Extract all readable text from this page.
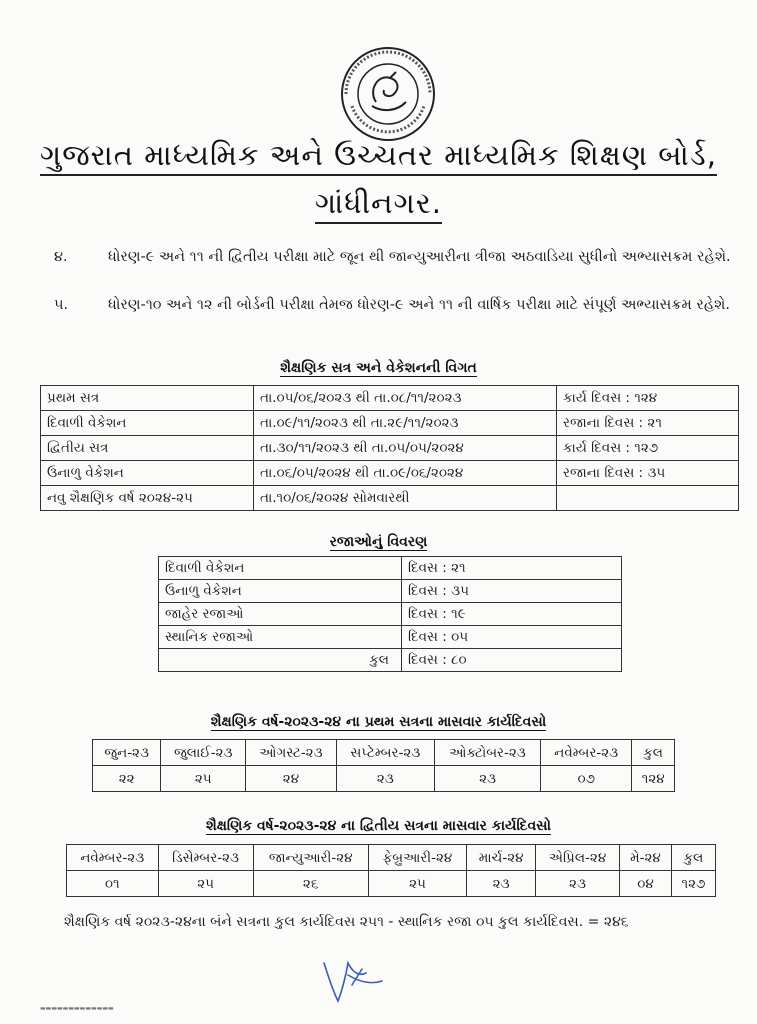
ગુજરાત માધ્યમિક અને ઉચ્ચતર માધ્યમિક શિક્ષણ બોર્ડ,
ગાંધીનગર.
૪.	ધોરણ-૯ અને ૧૧ ની દ્વિતીય પરીક્ષા માટે જૂન થી જાન્યુઆરીના ત્રીજા અઠવાડિયા સુધીનો અભ્યાસક્રમ રહેશે.
૫.	ધોરણ-૧૦ અને ૧૨ ની બોર્ડની પરીક્ષા તેમજ ધોરણ-૯ અને ૧૧ ની વાર્ષિક પરીક્ષા માટે સંપૂર્ણ અભ્યાસક્રમ રહેશે.
શૈક્ષણિક સત્ર અને વેકેશનની વિગત
પ્રથમ સત્ર	તા.૦૫/૦૬/૨૦૨૩ થી તા.૦૮/૧૧/૨૦૨૩	કાર્ય દિવસ : ૧૨૪
દિવાળી વેકેશન	તા.૦૯/૧૧/૨૦૨૩ થી તા.૨૯/૧૧/૨૦૨૩	રજાના દિવસ : ૨૧
દ્વિતીય સત્ર	તા.૩૦/૧૧/૨૦૨૩ થી તા.૦૫/૦૫/૨૦૨૪	કાર્ય દિવસ : ૧૨૭
ઉનાળુ વેકેશન	તા.૦૬/૦૫/૨૦૨૪ થી તા.૦૯/૦૬/૨૦૨૪	રજાના દિવસ : ૩૫
નવુ શૈક્ષણિક વર્ષ ૨૦૨૪-૨૫	તા.૧૦/૦૬/૨૦૨૪ સોમવારથી	
રજાઓનું વિવરણ
દિવાળી વેકેશન	દિવસ : ૨૧
ઉનાળુ વેકેશન	દિવસ : ૩૫
જાહેર રજાઓ	દિવસ : ૧૯
સ્થાનિક રજાઓ	દિવસ : ૦૫
કુલ	દિવસ : ૮૦
શૈક્ષણિક વર્ષ-૨૦૨૩-૨૪ ના પ્રથમ સત્રના માસવાર કાર્યદિવસો
જુન-૨૩	જુલાઈ-૨૩	ઓગસ્ટ-૨૩	સપ્ટેમ્બર-૨૩	ઓક્ટોબર-૨૩	નવેમ્બર-૨૩	કુલ
૨૨	૨૫	૨૪	૨૩	૨૩	૦૭	૧૨૪
શૈક્ષણિક વર્ષ-૨૦૨૩-૨૪ ના દ્વિતીય સત્રના માસવાર કાર્યદિવસો
નવેમ્બર-૨૩	ડિસેમ્બર-૨૩	જાન્યુઆરી-૨૪	ફેબ્રુઆરી-૨૪	માર્ચ-૨૪	એપ્રિલ-૨૪	મે-૨૪	કુલ
૦૧	૨૫	૨૬	૨૫	૨૩	૨૩	૦૪	૧૨૭
શૈક્ષણિક વર્ષ ૨૦૨૩-૨૪ના બંને સત્રના કુલ કાર્યદિવસ ૨૫૧ - સ્થાનિક રજા ૦૫ કુલ કાર્યદિવસ. = ૨૪૬
▬▬▬▬▬▬▬▬▬▬▬▬▬
